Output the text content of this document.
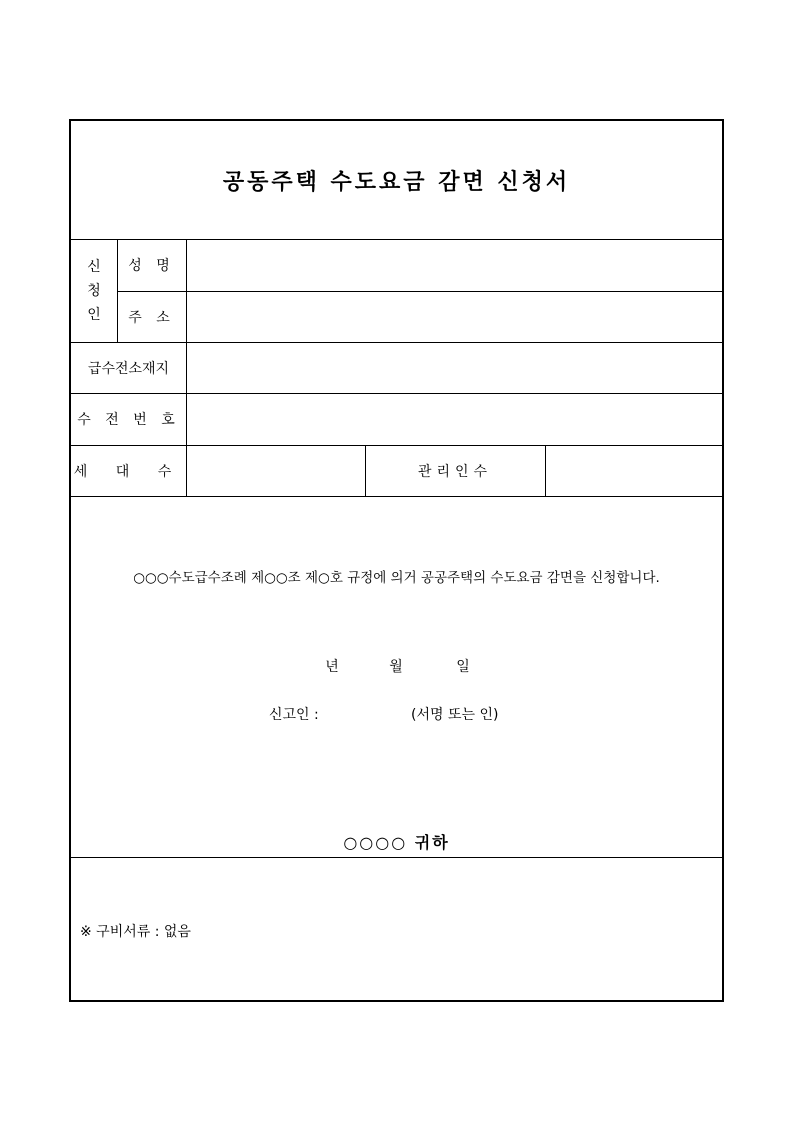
공동주택 수도요금 감면 신청서
신
청
인
성 명
주 소
급수전소재지
수 전 번 호
세 대 수	관리인수
○○○수도급수조례 제○○조 제○호 규정에 의거 공공주택의 수도요금 감면을 신청합니다.
년	월	일
신고인 :	(서명 또는 인)
○○○○ 귀하
※ 구비서류 : 없음
